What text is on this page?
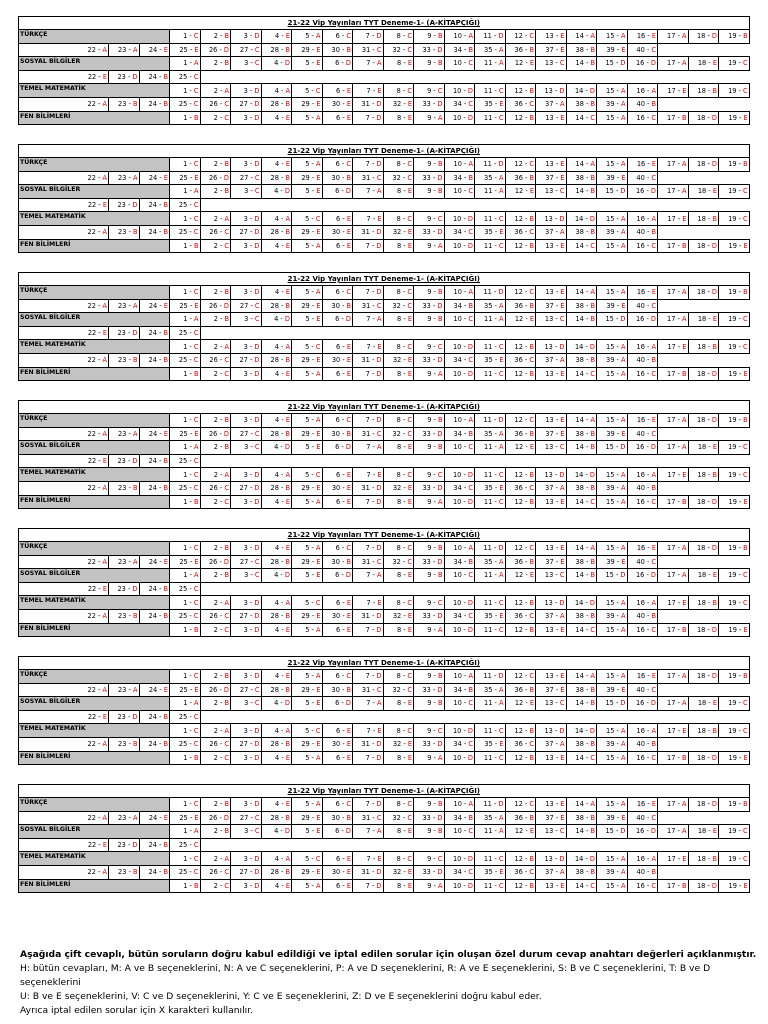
21-22 Vip Yayınları TYT Deneme-1- (A-KİTAPÇIĞI)																						
TÜRKÇE			1 - C	2 - B	3 - D	4 - E	5 - A	6 - C	7 - D	8 - C	9 - B	10 - A	11 - D	12 - C	13 - E	14 - A	15 - A	16 - E	17 - A	18 - D	19 - B		
22 - A	23 - A	24 - E	25 - E	26 - D	27 - C	28 - B	29 - E	30 - B	31 - C	32 - C	33 - D	34 - B	35 - A	36 - B	37 - E	38 - B	39 - E	40 - C				
SOSYAL BİLGİLER			1 - A	2 - B	3 - C	4 - D	5 - E	6 - D	7 - A	8 - E	9 - B	10 - C	11 - A	12 - E	13 - C	14 - B	15 - D	16 - D	17 - A	18 - E	19 - C		
22 - E	23 - D	24 - B	25 - C																			
TEMEL MATEMATİK			1 - C	2 - A	3 - D	4 - A	5 - C	6 - E	7 - E	8 - C	9 - C	10 - D	11 - C	12 - B	13 - D	14 - D	15 - A	16 - A	17 - E	18 - B	19 - C		
22 - A	23 - B	24 - B	25 - C	26 - C	27 - D	28 - B	29 - E	30 - E	31 - D	32 - E	33 - D	34 - C	35 - E	36 - C	37 - A	38 - B	39 - A	40 - B				
FEN BİLİMLERİ			1 - B	2 - C	3 - D	4 - E	5 - A	6 - E	7 - D	8 - E	9 - A	10 - D	11 - C	12 - B	13 - E	14 - C	15 - A	16 - C	17 - B	18 - D	19 - E	
21-22 Vip Yayınları TYT Deneme-1- (A-KİTAPÇIĞI)																						
TÜRKÇE			1 - C	2 - B	3 - D	4 - E	5 - A	6 - C	7 - D	8 - C	9 - B	10 - A	11 - D	12 - C	13 - E	14 - A	15 - A	16 - E	17 - A	18 - D	19 - B		
22 - A	23 - A	24 - E	25 - E	26 - D	27 - C	28 - B	29 - E	30 - B	31 - C	32 - C	33 - D	34 - B	35 - A	36 - B	37 - E	38 - B	39 - E	40 - C				
SOSYAL BİLGİLER			1 - A	2 - B	3 - C	4 - D	5 - E	6 - D	7 - A	8 - E	9 - B	10 - C	11 - A	12 - E	13 - C	14 - B	15 - D	16 - D	17 - A	18 - E	19 - C		
22 - E	23 - D	24 - B	25 - C																			
TEMEL MATEMATİK			1 - C	2 - A	3 - D	4 - A	5 - C	6 - E	7 - E	8 - C	9 - C	10 - D	11 - C	12 - B	13 - D	14 - D	15 - A	16 - A	17 - E	18 - B	19 - C		
22 - A	23 - B	24 - B	25 - C	26 - C	27 - D	28 - B	29 - E	30 - E	31 - D	32 - E	33 - D	34 - C	35 - E	36 - C	37 - A	38 - B	39 - A	40 - B				
FEN BİLİMLERİ			1 - B	2 - C	3 - D	4 - E	5 - A	6 - E	7 - D	8 - E	9 - A	10 - D	11 - C	12 - B	13 - E	14 - C	15 - A	16 - C	17 - B	18 - D	19 - E	
21-22 Vip Yayınları TYT Deneme-1- (A-KİTAPÇIĞI)																						
TÜRKÇE			1 - C	2 - B	3 - D	4 - E	5 - A	6 - C	7 - D	8 - C	9 - B	10 - A	11 - D	12 - C	13 - E	14 - A	15 - A	16 - E	17 - A	18 - D	19 - B		
22 - A	23 - A	24 - E	25 - E	26 - D	27 - C	28 - B	29 - E	30 - B	31 - C	32 - C	33 - D	34 - B	35 - A	36 - B	37 - E	38 - B	39 - E	40 - C				
SOSYAL BİLGİLER			1 - A	2 - B	3 - C	4 - D	5 - E	6 - D	7 - A	8 - E	9 - B	10 - C	11 - A	12 - E	13 - C	14 - B	15 - D	16 - D	17 - A	18 - E	19 - C		
22 - E	23 - D	24 - B	25 - C																			
TEMEL MATEMATİK			1 - C	2 - A	3 - D	4 - A	5 - C	6 - E	7 - E	8 - C	9 - C	10 - D	11 - C	12 - B	13 - D	14 - D	15 - A	16 - A	17 - E	18 - B	19 - C		
22 - A	23 - B	24 - B	25 - C	26 - C	27 - D	28 - B	29 - E	30 - E	31 - D	32 - E	33 - D	34 - C	35 - E	36 - C	37 - A	38 - B	39 - A	40 - B				
FEN BİLİMLERİ			1 - B	2 - C	3 - D	4 - E	5 - A	6 - E	7 - D	8 - E	9 - A	10 - D	11 - C	12 - B	13 - E	14 - C	15 - A	16 - C	17 - B	18 - D	19 - E	
21-22 Vip Yayınları TYT Deneme-1- (A-KİTAPÇIĞI)																						
TÜRKÇE			1 - C	2 - B	3 - D	4 - E	5 - A	6 - C	7 - D	8 - C	9 - B	10 - A	11 - D	12 - C	13 - E	14 - A	15 - A	16 - E	17 - A	18 - D	19 - B		
22 - A	23 - A	24 - E	25 - E	26 - D	27 - C	28 - B	29 - E	30 - B	31 - C	32 - C	33 - D	34 - B	35 - A	36 - B	37 - E	38 - B	39 - E	40 - C				
SOSYAL BİLGİLER			1 - A	2 - B	3 - C	4 - D	5 - E	6 - D	7 - A	8 - E	9 - B	10 - C	11 - A	12 - E	13 - C	14 - B	15 - D	16 - D	17 - A	18 - E	19 - C		
22 - E	23 - D	24 - B	25 - C																			
TEMEL MATEMATİK			1 - C	2 - A	3 - D	4 - A	5 - C	6 - E	7 - E	8 - C	9 - C	10 - D	11 - C	12 - B	13 - D	14 - D	15 - A	16 - A	17 - E	18 - B	19 - C		
22 - A	23 - B	24 - B	25 - C	26 - C	27 - D	28 - B	29 - E	30 - E	31 - D	32 - E	33 - D	34 - C	35 - E	36 - C	37 - A	38 - B	39 - A	40 - B				
FEN BİLİMLERİ			1 - B	2 - C	3 - D	4 - E	5 - A	6 - E	7 - D	8 - E	9 - A	10 - D	11 - C	12 - B	13 - E	14 - C	15 - A	16 - C	17 - B	18 - D	19 - E	
21-22 Vip Yayınları TYT Deneme-1- (A-KİTAPÇIĞI)																						
TÜRKÇE			1 - C	2 - B	3 - D	4 - E	5 - A	6 - C	7 - D	8 - C	9 - B	10 - A	11 - D	12 - C	13 - E	14 - A	15 - A	16 - E	17 - A	18 - D	19 - B		
22 - A	23 - A	24 - E	25 - E	26 - D	27 - C	28 - B	29 - E	30 - B	31 - C	32 - C	33 - D	34 - B	35 - A	36 - B	37 - E	38 - B	39 - E	40 - C				
SOSYAL BİLGİLER			1 - A	2 - B	3 - C	4 - D	5 - E	6 - D	7 - A	8 - E	9 - B	10 - C	11 - A	12 - E	13 - C	14 - B	15 - D	16 - D	17 - A	18 - E	19 - C		
22 - E	23 - D	24 - B	25 - C																			
TEMEL MATEMATİK			1 - C	2 - A	3 - D	4 - A	5 - C	6 - E	7 - E	8 - C	9 - C	10 - D	11 - C	12 - B	13 - D	14 - D	15 - A	16 - A	17 - E	18 - B	19 - C		
22 - A	23 - B	24 - B	25 - C	26 - C	27 - D	28 - B	29 - E	30 - E	31 - D	32 - E	33 - D	34 - C	35 - E	36 - C	37 - A	38 - B	39 - A	40 - B				
FEN BİLİMLERİ			1 - B	2 - C	3 - D	4 - E	5 - A	6 - E	7 - D	8 - E	9 - A	10 - D	11 - C	12 - B	13 - E	14 - C	15 - A	16 - C	17 - B	18 - D	19 - E	
21-22 Vip Yayınları TYT Deneme-1- (A-KİTAPÇIĞI)																						
TÜRKÇE			1 - C	2 - B	3 - D	4 - E	5 - A	6 - C	7 - D	8 - C	9 - B	10 - A	11 - D	12 - C	13 - E	14 - A	15 - A	16 - E	17 - A	18 - D	19 - B		
22 - A	23 - A	24 - E	25 - E	26 - D	27 - C	28 - B	29 - E	30 - B	31 - C	32 - C	33 - D	34 - B	35 - A	36 - B	37 - E	38 - B	39 - E	40 - C				
SOSYAL BİLGİLER			1 - A	2 - B	3 - C	4 - D	5 - E	6 - D	7 - A	8 - E	9 - B	10 - C	11 - A	12 - E	13 - C	14 - B	15 - D	16 - D	17 - A	18 - E	19 - C		
22 - E	23 - D	24 - B	25 - C																			
TEMEL MATEMATİK			1 - C	2 - A	3 - D	4 - A	5 - C	6 - E	7 - E	8 - C	9 - C	10 - D	11 - C	12 - B	13 - D	14 - D	15 - A	16 - A	17 - E	18 - B	19 - C		
22 - A	23 - B	24 - B	25 - C	26 - C	27 - D	28 - B	29 - E	30 - E	31 - D	32 - E	33 - D	34 - C	35 - E	36 - C	37 - A	38 - B	39 - A	40 - B				
FEN BİLİMLERİ			1 - B	2 - C	3 - D	4 - E	5 - A	6 - E	7 - D	8 - E	9 - A	10 - D	11 - C	12 - B	13 - E	14 - C	15 - A	16 - C	17 - B	18 - D	19 - E	
21-22 Vip Yayınları TYT Deneme-1- (A-KİTAPÇIĞI)																						
TÜRKÇE			1 - C	2 - B	3 - D	4 - E	5 - A	6 - C	7 - D	8 - C	9 - B	10 - A	11 - D	12 - C	13 - E	14 - A	15 - A	16 - E	17 - A	18 - D	19 - B		
22 - A	23 - A	24 - E	25 - E	26 - D	27 - C	28 - B	29 - E	30 - B	31 - C	32 - C	33 - D	34 - B	35 - A	36 - B	37 - E	38 - B	39 - E	40 - C				
SOSYAL BİLGİLER			1 - A	2 - B	3 - C	4 - D	5 - E	6 - D	7 - A	8 - E	9 - B	10 - C	11 - A	12 - E	13 - C	14 - B	15 - D	16 - D	17 - A	18 - E	19 - C		
22 - E	23 - D	24 - B	25 - C																			
TEMEL MATEMATİK			1 - C	2 - A	3 - D	4 - A	5 - C	6 - E	7 - E	8 - C	9 - C	10 - D	11 - C	12 - B	13 - D	14 - D	15 - A	16 - A	17 - E	18 - B	19 - C		
22 - A	23 - B	24 - B	25 - C	26 - C	27 - D	28 - B	29 - E	30 - E	31 - D	32 - E	33 - D	34 - C	35 - E	36 - C	37 - A	38 - B	39 - A	40 - B				
FEN BİLİMLERİ			1 - B	2 - C	3 - D	4 - E	5 - A	6 - E	7 - D	8 - E	9 - A	10 - D	11 - C	12 - B	13 - E	14 - C	15 - A	16 - C	17 - B	18 - D	19 - E	
Aşağıda çift cevaplı, bütün soruların doğru kabul edildiği ve iptal edilen sorular için oluşan özel durum cevap anahtarı değerleri açıklanmıştır.
H: bütün cevapları, M: A ve B seçeneklerini, N: A ve C seçeneklerini, P: A ve D seçeneklerini, R: A ve E seçeneklerini, S: B ve C seçeneklerini, T: B ve D seçeneklerini
U: B ve E seçeneklerini, V: C ve D seçeneklerini, Y: C ve E seçeneklerini, Z: D ve E seçeneklerini doğru kabul eder.
Ayrıca iptal edilen sorular için X karakteri kullanılır.
